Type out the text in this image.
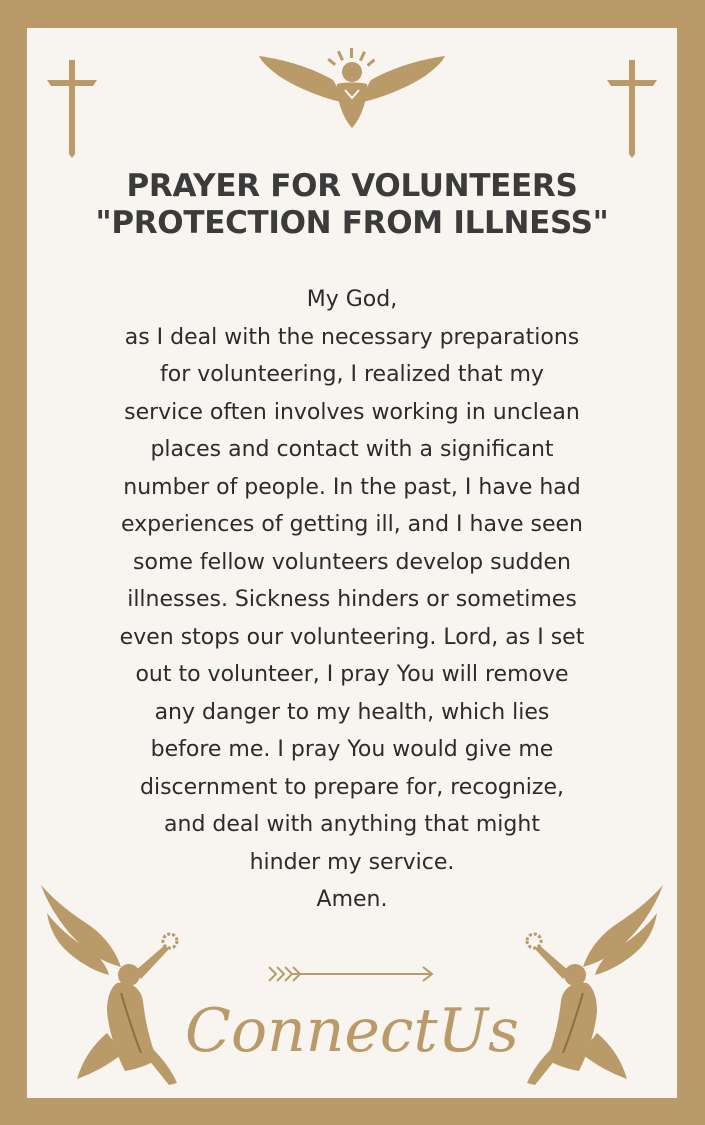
PRAYER FOR VOLUNTEERS
"PROTECTION FROM ILLNESS"
My God,
as I deal with the necessary preparations
for volunteering, I realized that my
service often involves working in unclean
places and contact with a significant
number of people. In the past, I have had
experiences of getting ill, and I have seen
some fellow volunteers develop sudden
illnesses. Sickness hinders or sometimes
even stops our volunteering. Lord, as I set
out to volunteer, I pray You will remove
any danger to my health, which lies
before me. I pray You would give me
discernment to prepare for, recognize,
and deal with anything that might
hinder my service.
Amen.
ConnectUs
